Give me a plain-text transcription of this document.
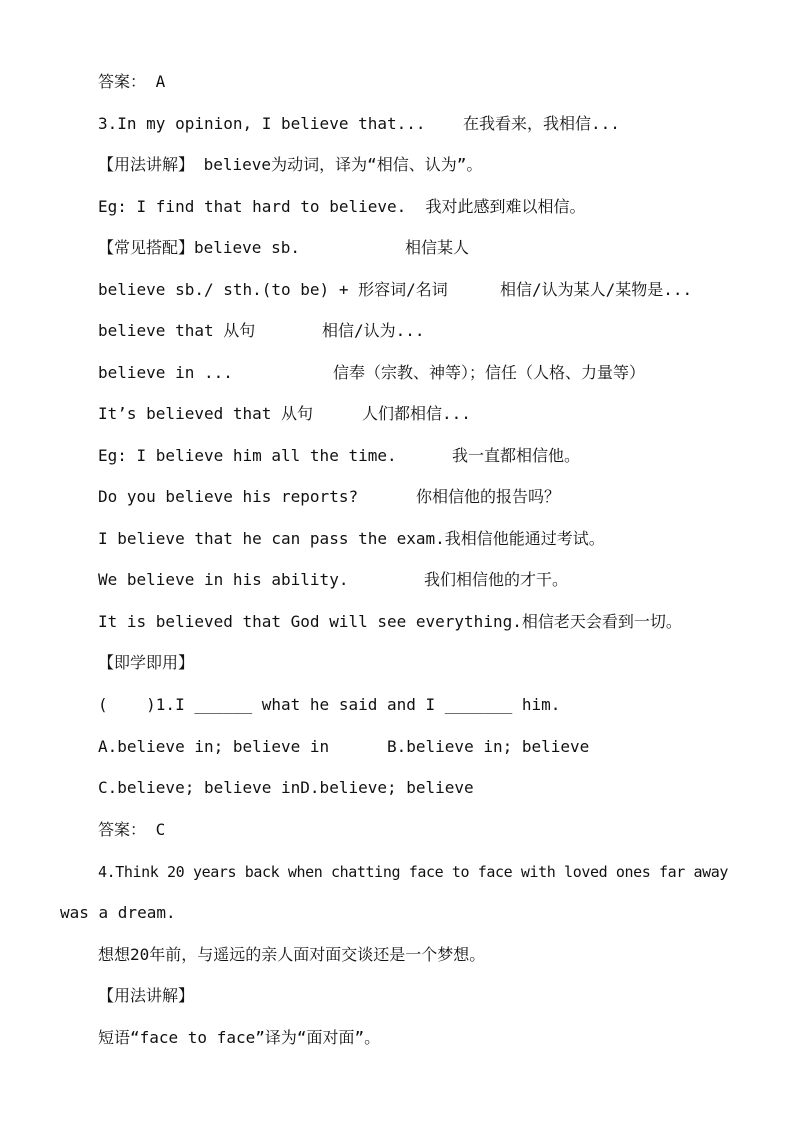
答案： A
3.In my opinion, I believe that... 在我看来，我相信...
【用法讲解】 believe为动词，译为“相信、认为”。
Eg: I find that hard to believe.  我对此感到难以相信。
【常见搭配】believe sb.	相信某人
believe sb./ sth.(to be) + 形容词/名词	相信/认为某人/某物是...
believe that 从句	相信/认为...
believe in ...	信奉（宗教、神等）；信任（人格、力量等）
It’s believed that 从句	人们都相信...
Eg: I believe him all the time.	我一直都相信他。
Do you believe his reports?	你相信他的报告吗？
I believe that he can pass the exam.我相信他能通过考试。
We believe in his ability.	我们相信他的才干。
It is believed that God will see everything.相信老天会看到一切。
【即学即用】
(    )1.I ______ what he said and I _______ him.
A.believe in; believe in	B.believe in; believe
C.believe; believe inD.believe; believe
答案： C
4.Think 20 years back when chatting face to face with loved ones far away
was a dream.
想想20年前，与遥远的亲人面对面交谈还是一个梦想。
【用法讲解】
短语“face to face”译为“面对面”。
